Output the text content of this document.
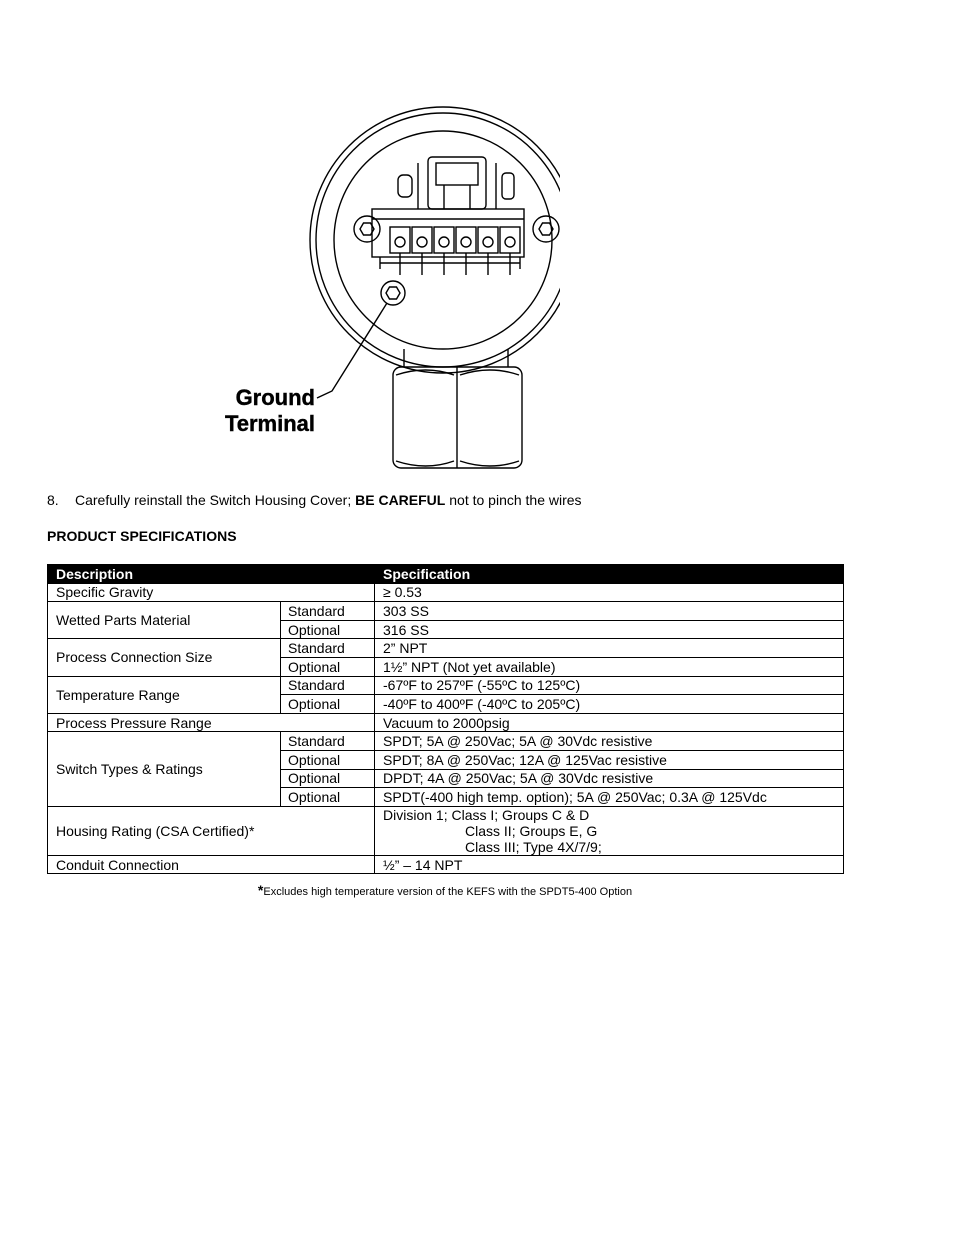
Ground
Terminal
8. Carefully reinstall the Switch Housing Cover; BE CAREFUL not to pinch the wires
PRODUCT SPECIFICATIONS
Description		Specification
Specific Gravity		≥ 0.53
Wetted Parts Material	Standard	303 SS
	Optional	316 SS
Process Connection Size	Standard	2” NPT
	Optional	1½” NPT (Not yet available)
Temperature Range	Standard	-67ºF to 257ºF (-55ºC to 125ºC)
	Optional	-40ºF to 400ºF (-40ºC to 205ºC)
Process Pressure Range		Vacuum to 2000psig
Switch Types & Ratings	Standard	SPDT; 5A @ 250Vac; 5A @ 30Vdc resistive
	Optional	SPDT; 8A @ 250Vac; 12A @ 125Vac resistive
	Optional	DPDT; 4A @ 250Vac; 5A @ 30Vdc resistive
	Optional	SPDT(-400 high temp. option); 5A @ 250Vac; 0.3A @ 125Vdc
Housing Rating (CSA Certified)*		Division 1; Class I; Groups C & D
Class II; Groups E, G
Class III; Type 4X/7/9;

Conduit Connection		½” – 14 NPT
*Excludes high temperature version of the KEFS with the SPDT5-400 Option
